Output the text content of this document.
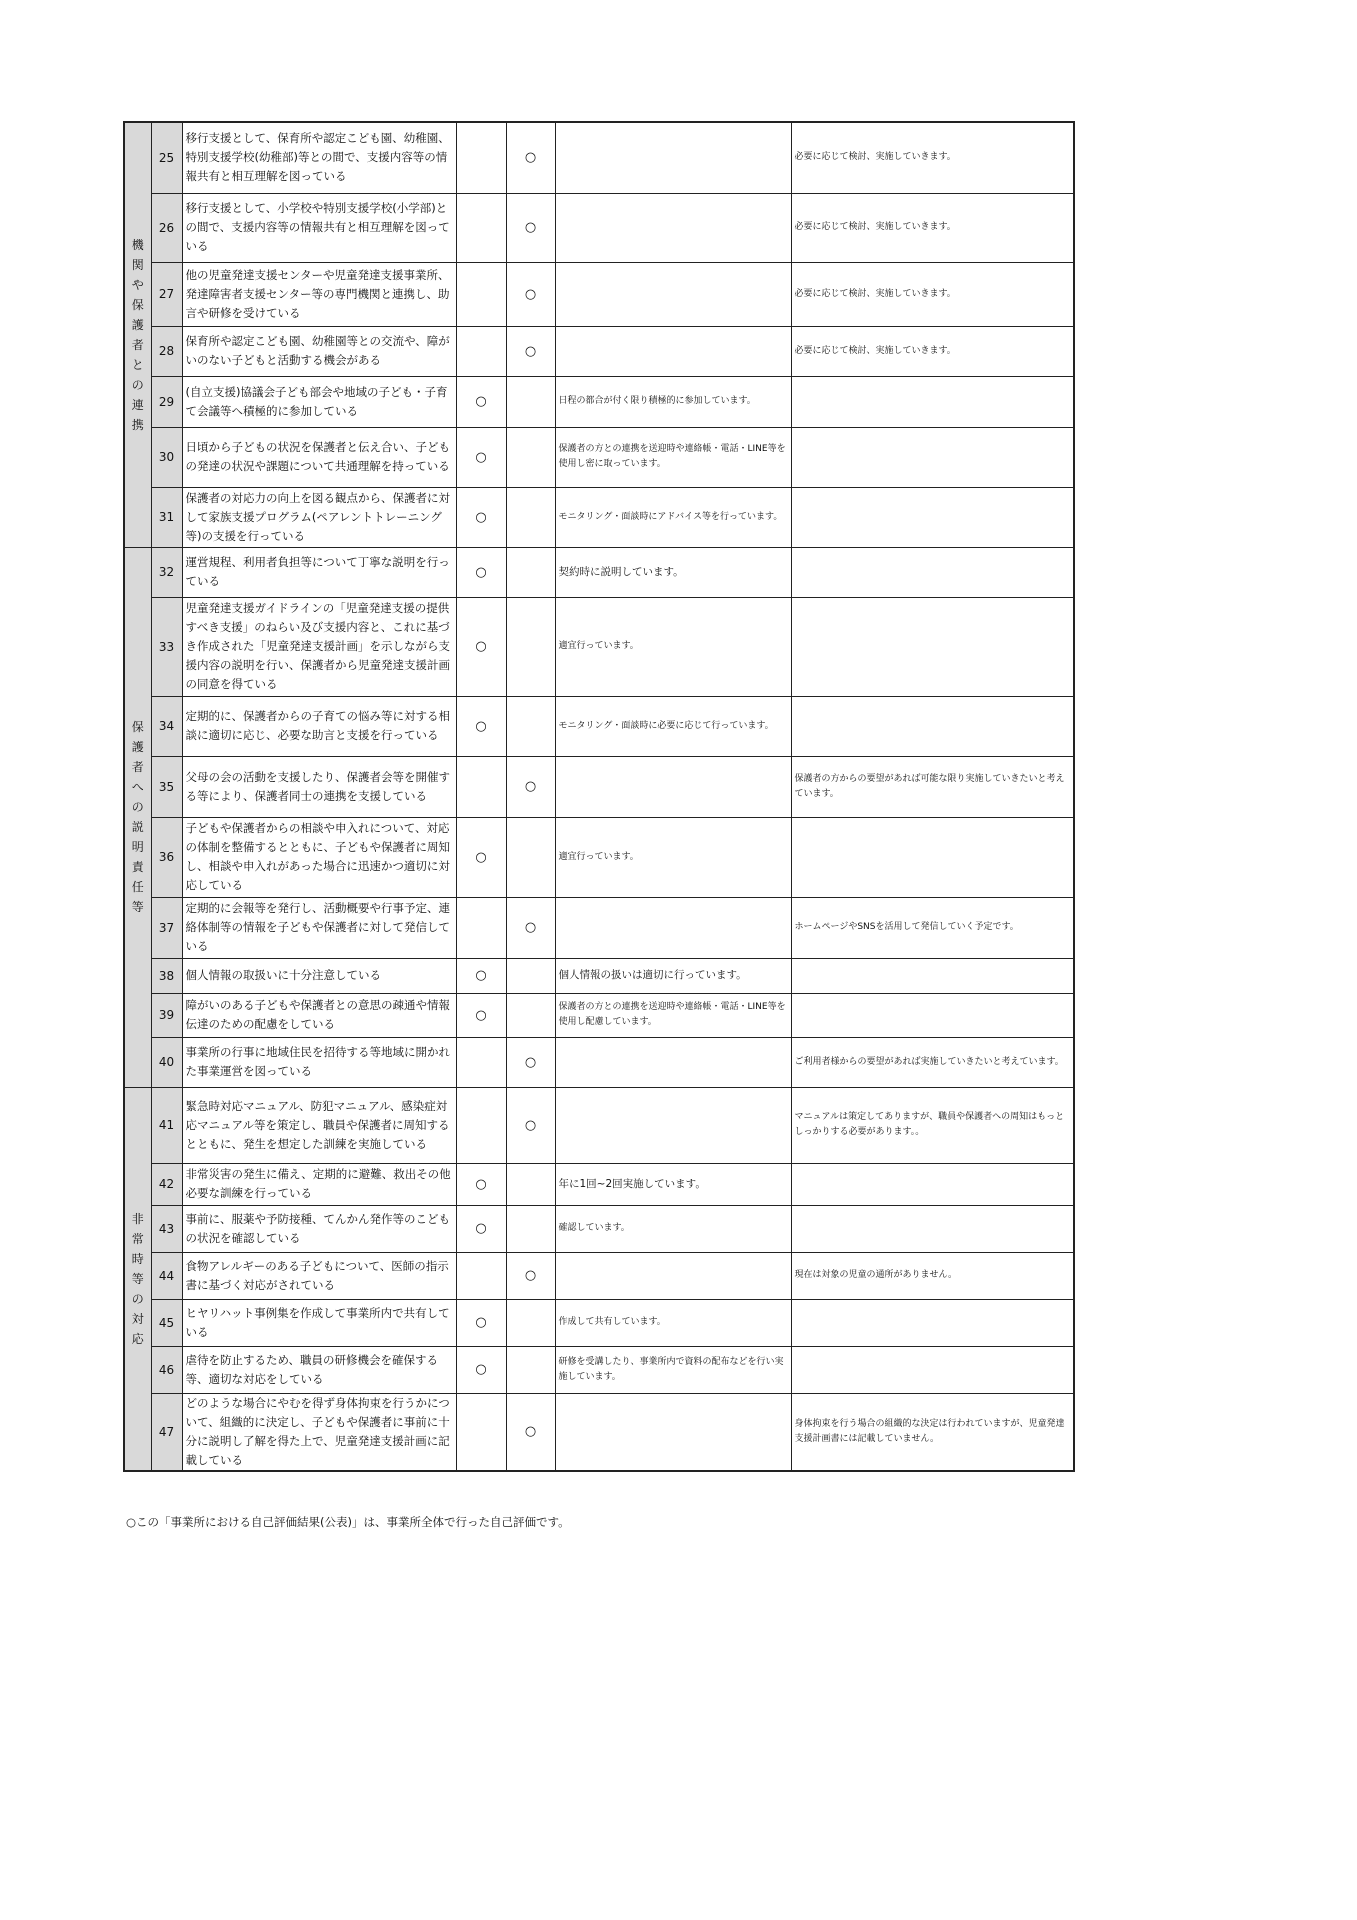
機関や保護者との連携	25	移行支援として、保育所や認定こども園、幼稚園、特別支援学校(幼稚部)等との間で、支援内容等の情報共有と相互理解を図っている		○		必要に応じて検討、実施していきます。
	26	移行支援として、小学校や特別支援学校(小学部)との間で、支援内容等の情報共有と相互理解を図っている		○		必要に応じて検討、実施していきます。
	27	他の児童発達支援センターや児童発達支援事業所、発達障害者支援センター等の専門機関と連携し、助言や研修を受けている		○		必要に応じて検討、実施していきます。
	28	保育所や認定こども園、幼稚園等との交流や、障がいのない子どもと活動する機会がある		○		必要に応じて検討、実施していきます。
	29	(自立支援)協議会子ども部会や地域の子ども・子育て会議等へ積極的に参加している	○		日程の都合が付く限り積極的に参加しています。	
	30	日頃から子どもの状況を保護者と伝え合い、子どもの発達の状況や課題について共通理解を持っている	○		保護者の方との連携を送迎時や連絡帳・電話・LINE等を使用し密に取っています。	
	31	保護者の対応力の向上を図る観点から、保護者に対して家族支援プログラム(ペアレントトレーニング等)の支援を行っている	○		モニタリング・面談時にアドバイス等を行っています。	
保護者への説明責任等	32	運営規程、利用者負担等について丁寧な説明を行っている	○		契約時に説明しています。	
	33	児童発達支援ガイドラインの「児童発達支援の提供すべき支援」のねらい及び支援内容と、これに基づき作成された「児童発達支援計画」を示しながら支援内容の説明を行い、保護者から児童発達支援計画の同意を得ている	○		適宜行っています。	
	34	定期的に、保護者からの子育ての悩み等に対する相談に適切に応じ、必要な助言と支援を行っている	○		モニタリング・面談時に必要に応じて行っています。	
	35	父母の会の活動を支援したり、保護者会等を開催する等により、保護者同士の連携を支援している		○		保護者の方からの要望があれば可能な限り実施していきたいと考えています。
	36	子どもや保護者からの相談や申入れについて、対応の体制を整備するとともに、子どもや保護者に周知し、相談や申入れがあった場合に迅速かつ適切に対応している	○		適宜行っています。	
	37	定期的に会報等を発行し、活動概要や行事予定、連絡体制等の情報を子どもや保護者に対して発信している		○		ホームページやSNSを活用して発信していく予定です。
	38	個人情報の取扱いに十分注意している	○		個人情報の扱いは適切に行っています。	
	39	障がいのある子どもや保護者との意思の疎通や情報伝達のための配慮をしている	○		保護者の方との連携を送迎時や連絡帳・電話・LINE等を使用し配慮しています。	
	40	事業所の行事に地域住民を招待する等地域に開かれた事業運営を図っている		○		ご利用者様からの要望があれば実施していきたいと考えています。
非常時等の対応	41	緊急時対応マニュアル、防犯マニュアル、感染症対応マニュアル等を策定し、職員や保護者に周知するとともに、発生を想定した訓練を実施している		○		マニュアルは策定してありますが、職員や保護者への周知はもっとしっかりする必要があります。。
	42	非常災害の発生に備え、定期的に避難、救出その他必要な訓練を行っている	○		年に1回~2回実施しています。	
	43	事前に、服薬や予防接種、てんかん発作等のこどもの状況を確認している	○		確認しています。	
	44	食物アレルギーのある子どもについて、医師の指示書に基づく対応がされている		○		現在は対象の児童の通所がありません。
	45	ヒヤリハット事例集を作成して事業所内で共有している	○		作成して共有しています。	
	46	虐待を防止するため、職員の研修機会を確保する等、適切な対応をしている	○		研修を受講したり、事業所内で資料の配布などを行い実施しています。	
	47	どのような場合にやむを得ず身体拘束を行うかについて、組織的に決定し、子どもや保護者に事前に十分に説明し了解を得た上で、児童発達支援計画に記載している		○		身体拘束を行う場合の組織的な決定は行われていますが、児童発達支援計画書には記載していません。
○この「事業所における自己評価結果(公表)」は、事業所全体で行った自己評価です。
